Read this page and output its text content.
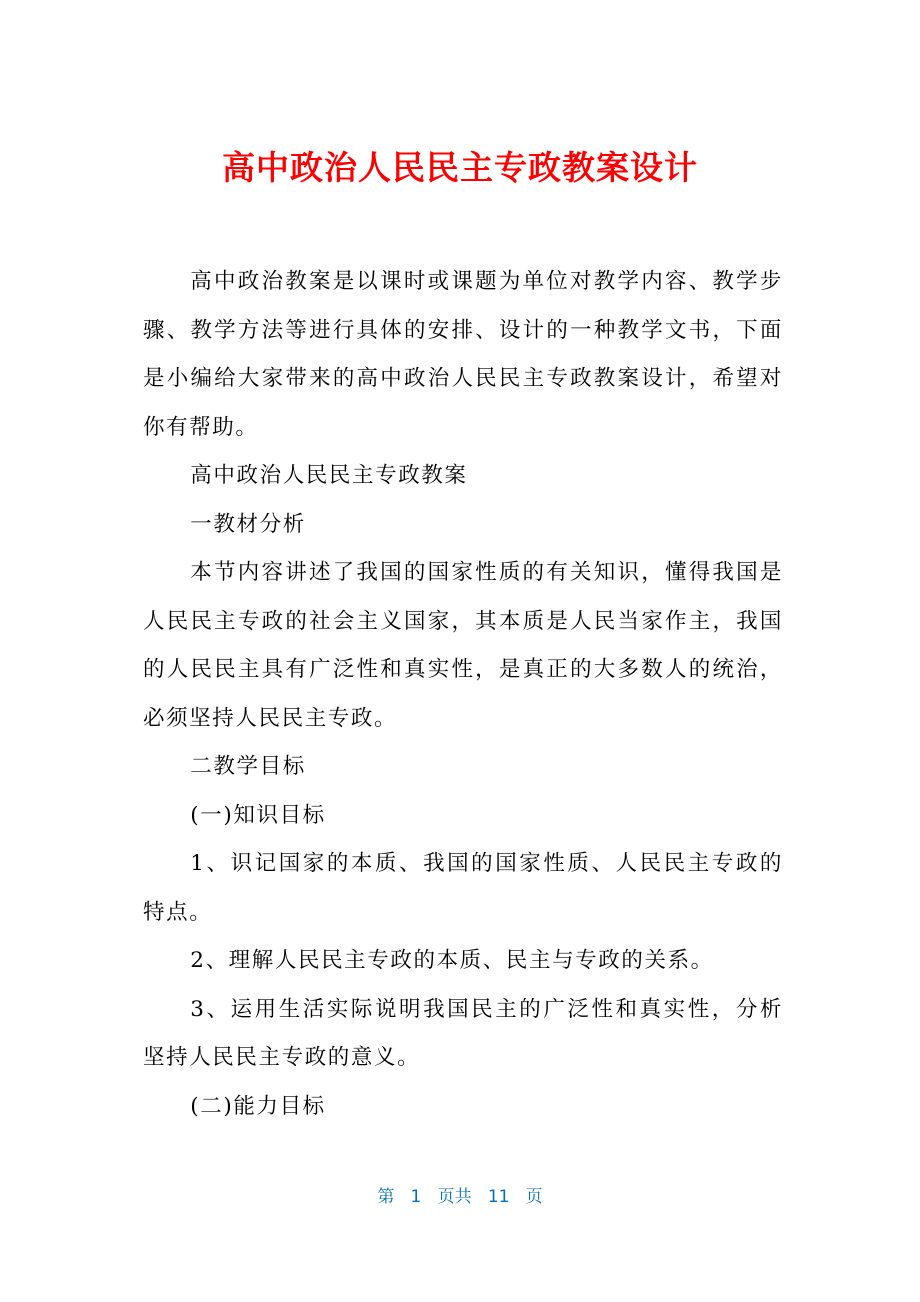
高中政治人民民主专政教案设计

高中政治教案是以课时或课题为单位对教学内容、教学步骤、教学方法等进行具体的安排、设计的一种教学文书，下面是小编给大家带来的高中政治人民民主专政教案设计，希望对你有帮助。

高中政治人民民主专政教案

一教材分析

本节内容讲述了我国的国家性质的有关知识，懂得我国是人民民主专政的社会主义国家，其本质是人民当家作主，我国的人民民主具有广泛性和真实性，是真正的大多数人的统治，必须坚持人民民主专政。

二教学目标

(一)知识目标

1、识记国家的本质、我国的国家性质、人民民主专政的特点。

2、理解人民民主专政的本质、民主与专政的关系。

3、运用生活实际说明我国民主的广泛性和真实性，分析坚持人民民主专政的意义。

(二)能力目标

第 1 页共 11 页
